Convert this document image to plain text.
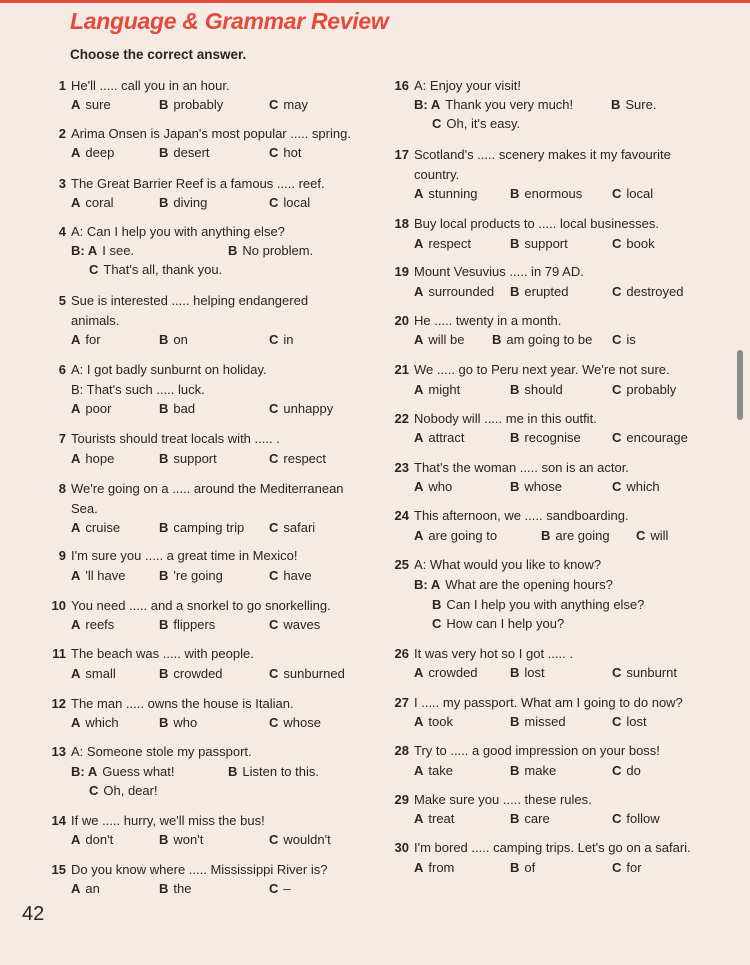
Language & Grammar Review
Choose the correct answer.
1 He'll ..... call you in an hour.
A sure	B probably	C may
2 Arima Onsen is Japan's most popular ..... spring.
A deep	B desert	C hot
3 The Great Barrier Reef is a famous ..... reef.
A coral	B diving	C local
4 A: Can I help you with anything else?
B: A I see.	B No problem.
C That's all, thank you.
5 Sue is interested ..... helping endangered
animals.
A for	B on	C in
6 A: I got badly sunburnt on holiday.
B: That's such ..... luck.
A poor	B bad	C unhappy
7 Tourists should treat locals with ..... .
A hope	B support	C respect
8 We're going on a ..... around the Mediterranean
Sea.
A cruise	B camping trip C safari
9 I'm sure you ..... a great time in Mexico!
A 'll have	B 're going	C have
10 You need ..... and a snorkel to go snorkelling.
A reefs	B flippers	C waves
11 The beach was ..... with people.
A small	B crowded	C sunburned
12 The man ..... owns the house is Italian.
A which	B who	C whose
13 A: Someone stole my passport.
B: A Guess what!	B Listen to this.
C Oh, dear!
14 If we ..... hurry, we'll miss the bus!
A don't	B won't	C wouldn't
15 Do you know where ..... Mississippi River is?
A an	B the	C –
16 A: Enjoy your visit!
B: A Thank you very much!	B Sure.
C Oh, it's easy.
17 Scotland's ..... scenery makes it my favourite
country.
A stunning B enormous C local
18 Buy local products to ..... local businesses.
A respect	B support	C book
19 Mount Vesuvius ..... in 79 AD.
A surrounded B erupted	C destroyed
20 He ..... twenty in a month.
A will be B am going to be C is
21 We ..... go to Peru next year. We're not sure.
A might	B should	C probably
22 Nobody will ..... me in this outfit.
A attract	B recognise C encourage
23 That's the woman ..... son is an actor.
A who	B whose	C which
24 This afternoon, we ..... sandboarding.
A are going to	B are going C will
25 A: What would you like to know?
B: A What are the opening hours?
B Can I help you with anything else?
C How can I help you?
26 It was very hot so I got ..... .
A crowded B lost	C sunburnt
27 I ..... my passport. What am I going to do now?
A took	B missed	C lost
28 Try to ..... a good impression on your boss!
A take	B make	C do
29 Make sure you ..... these rules.
A treat	B care	C follow
30 I'm bored ..... camping trips. Let's go on a safari.
A from	B of	C for
42
